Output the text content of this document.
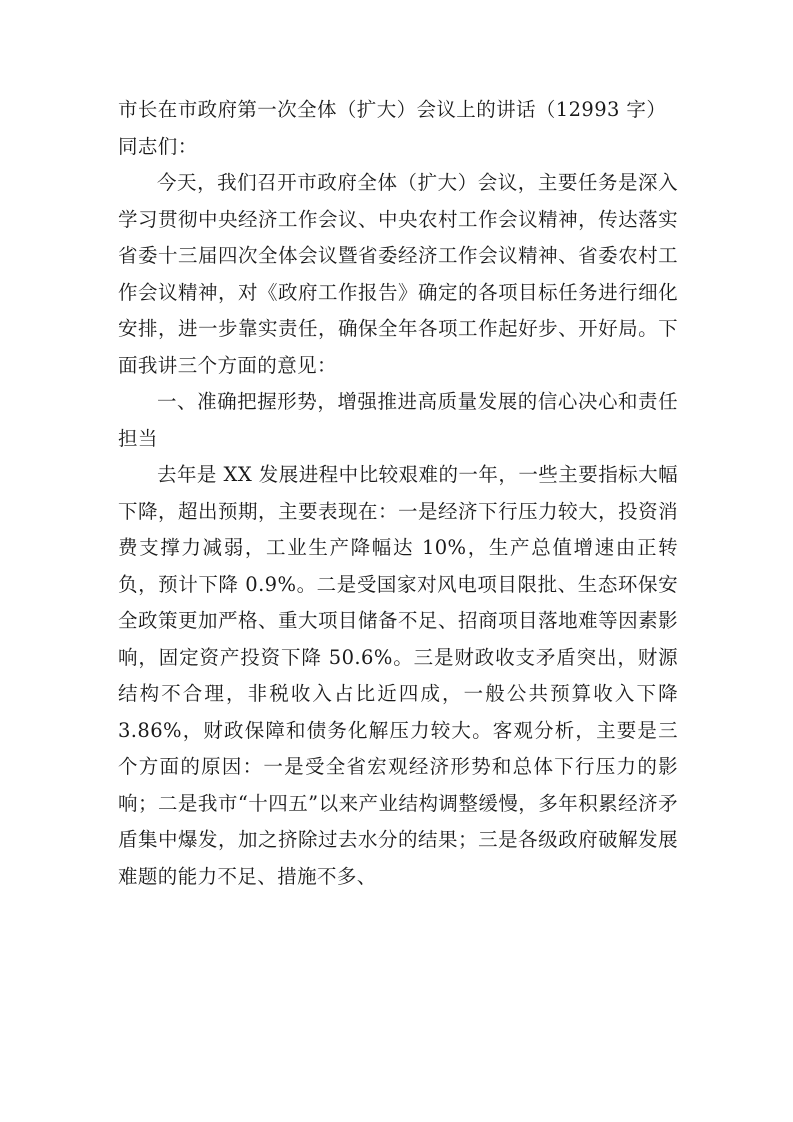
市长在市政府第一次全体（扩大）会议上的讲话（12993 字）

同志们：

今天，我们召开市政府全体（扩大）会议，主要任务是深入学习贯彻中央经济工作会议、中央农村工作会议精神，传达落实省委十三届四次全体会议暨省委经济工作会议精神、省委农村工作会议精神，对《政府工作报告》确定的各项目标任务进行细化安排，进一步靠实责任，确保全年各项工作起好步、开好局。下面我讲三个方面的意见：

一、准确把握形势，增强推进高质量发展的信心决心和责任担当

去年是 XX 发展进程中比较艰难的一年，一些主要指标大幅下降，超出预期，主要表现在：一是经济下行压力较大，投资消费支撑力减弱，工业生产降幅达 10%，生产总值增速由正转负，预计下降 0.9%。二是受国家对风电项目限批、生态环保安全政策更加严格、重大项目储备不足、招商项目落地难等因素影响，固定资产投资下降 50.6%。三是财政收支矛盾突出，财源结构不合理，非税收入占比近四成，一般公共预算收入下降 3.86%，财政保障和债务化解压力较大。客观分析，主要是三个方面的原因：一是受全省宏观经济形势和总体下行压力的影响；二是我市“十四五”以来产业结构调整缓慢，多年积累经济矛盾集中爆发，加之挤除过去水分的结果；三是各级政府破解发展难题的能力不足、措施不多、
